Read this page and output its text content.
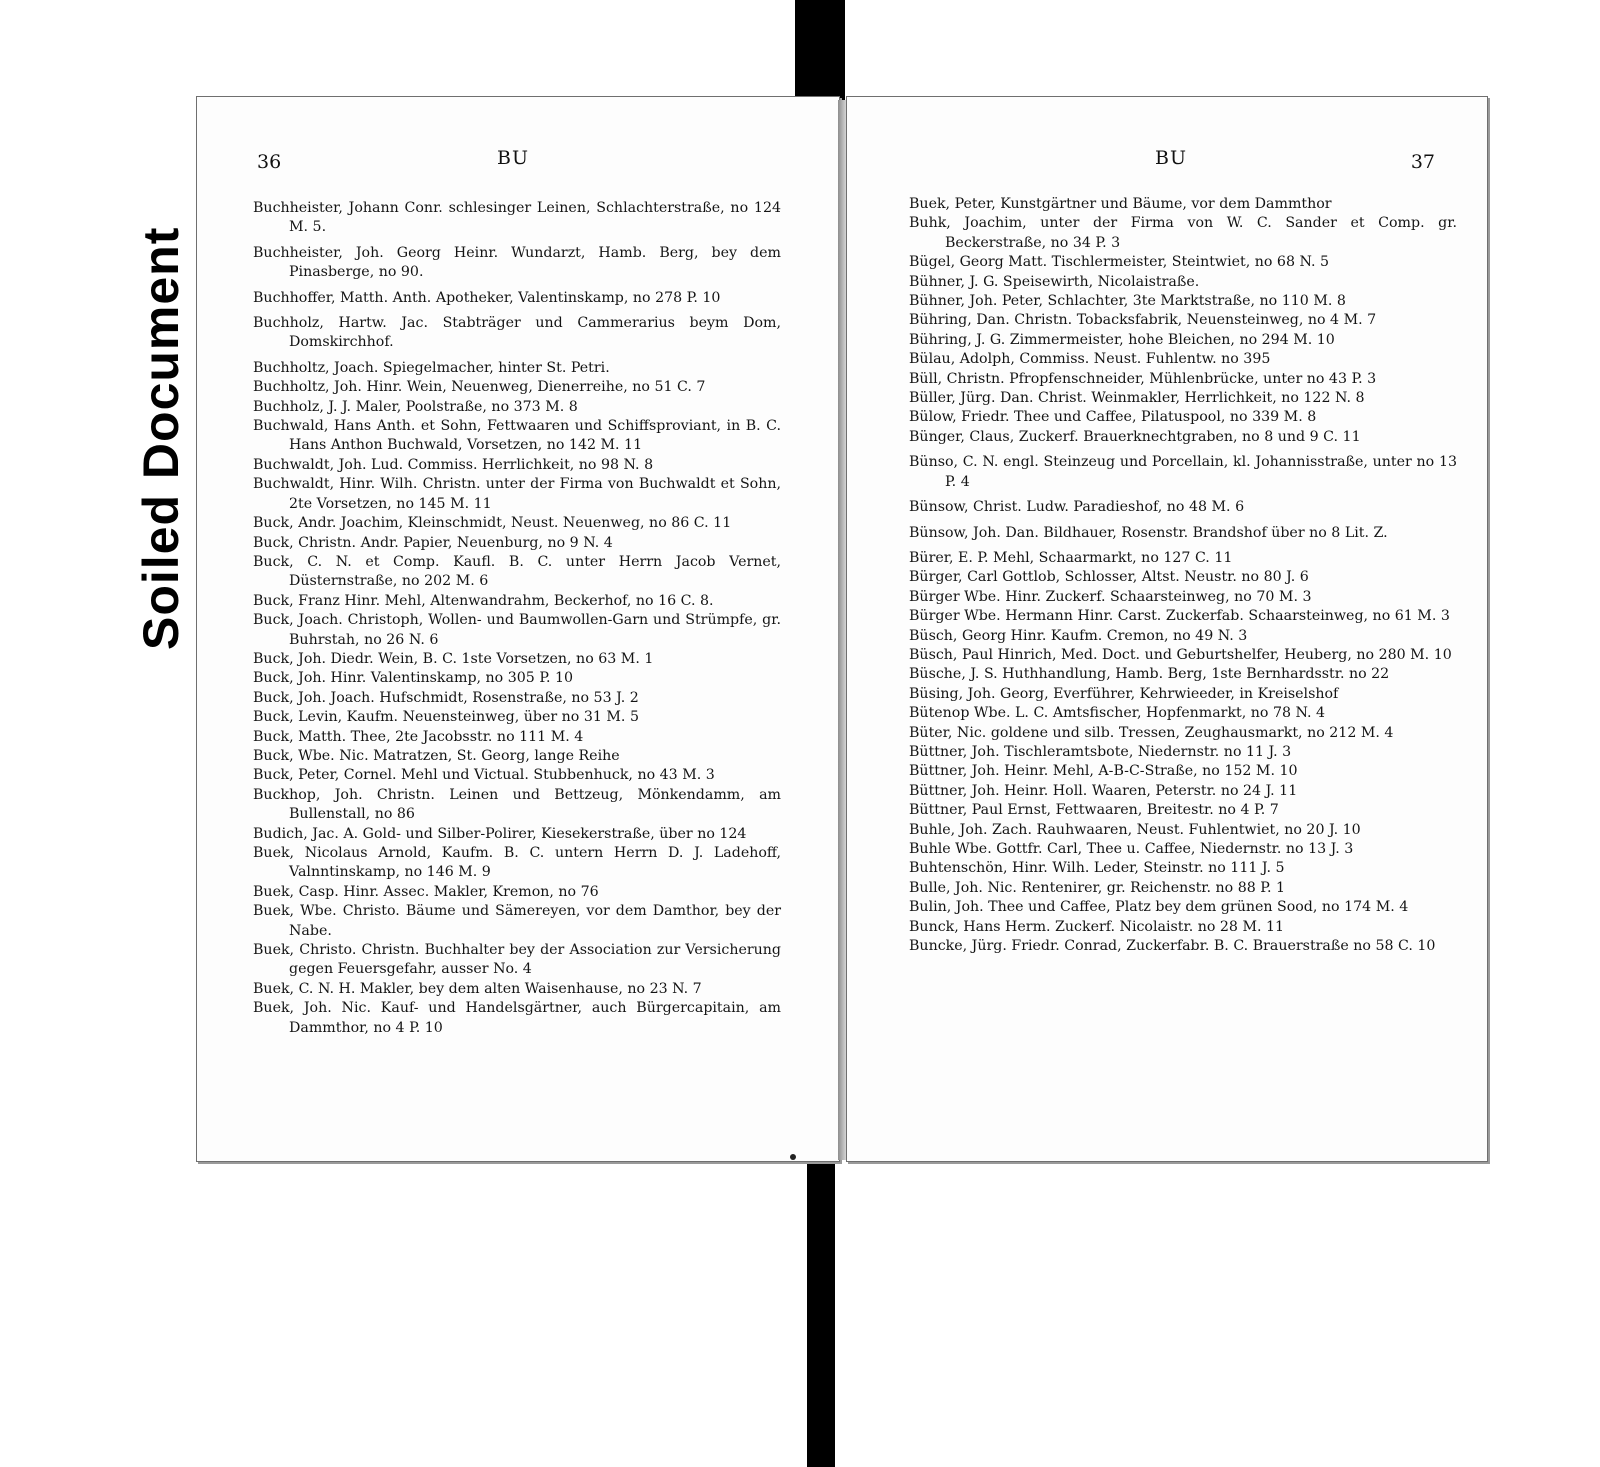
Soiled Document
36	BU

Buchheister, Johann Conr. schlesinger Leinen, Schlachterstraße, no 124 M. 5.

Buchheister, Joh. Georg Heinr. Wundarzt, Hamb. Berg, bey dem Pinasberge, no 90.

Buchhoffer, Matth. Anth. Apotheker, Valentinskamp, no 278 P. 10

Buchholz, Hartw. Jac. Stabträger und Cammerarius beym Dom, Domskirchhof.

Buchholtz, Joach. Spiegelmacher, hinter St. Petri.

Buchholtz, Joh. Hinr. Wein, Neuenweg, Dienerreihe, no 51 C. 7

Buchholz, J. J. Maler, Poolstraße, no 373 M. 8

Buchwald, Hans Anth. et Sohn, Fettwaaren und Schiffsproviant, in B. C. Hans Anthon Buchwald, Vorsetzen, no 142 M. 11

Buchwaldt, Joh. Lud. Commiss. Herrlichkeit, no 98 N. 8

Buchwaldt, Hinr. Wilh. Christn. unter der Firma von Buchwaldt et Sohn, 2te Vorsetzen, no 145 M. 11

Buck, Andr. Joachim, Kleinschmidt, Neust. Neuenweg, no 86 C. 11

Buck, Christn. Andr. Papier, Neuenburg, no 9 N. 4

Buck, C. N. et Comp. Kaufl. B. C. unter Herrn Jacob Vernet, Düsternstraße, no 202 M. 6

Buck, Franz Hinr. Mehl, Altenwandrahm, Beckerhof, no 16 C. 8.

Buck, Joach. Christoph, Wollen- und Baumwollen-Garn und Strümpfe, gr. Buhrstah, no 26 N. 6

Buck, Joh. Diedr. Wein, B. C. 1ste Vorsetzen, no 63 M. 1

Buck, Joh. Hinr. Valentinskamp, no 305 P. 10

Buck, Joh. Joach. Hufschmidt, Rosenstraße, no 53 J. 2

Buck, Levin, Kaufm. Neuensteinweg, über no 31 M. 5

Buck, Matth. Thee, 2te Jacobsstr. no 111 M. 4

Buck, Wbe. Nic. Matratzen, St. Georg, lange Reihe

Buck, Peter, Cornel. Mehl und Victual. Stubbenhuck, no 43 M. 3

Buckhop, Joh. Christn. Leinen und Bettzeug, Mönkendamm, am Bullenstall, no 86

Budich, Jac. A. Gold- und Silber-Polirer, Kiesekerstraße, über no 124

Buek, Nicolaus Arnold, Kaufm. B. C. untern Herrn D. J. Ladehoff, Valnntinskamp, no 146 M. 9

Buek, Casp. Hinr. Assec. Makler, Kremon, no 76

Buek, Wbe. Christo. Bäume und Sämereyen, vor dem Damthor, bey der Nabe.

Buek, Christo. Christn. Buchhalter bey der Association zur Versicherung gegen Feuersgefahr, ausser No. 4

Buek, C. N. H. Makler, bey dem alten Waisenhause, no 23 N. 7

Buek, Joh. Nic. Kauf- und Handelsgärtner, auch Bürgercapitain, am Dammthor, no 4 P. 10

37
BU

Buek, Peter, Kunstgärtner und Bäume, vor dem Dammthor

Buhk, Joachim, unter der Firma von W. C. Sander et Comp. gr. Beckerstraße, no 34 P. 3

Bügel, Georg Matt. Tischlermeister, Steintwiet, no 68 N. 5

Bühner, J. G. Speisewirth, Nicolaistraße.

Bühner, Joh. Peter, Schlachter, 3te Marktstraße, no 110 M. 8

Bühring, Dan. Christn. Tobacksfabrik, Neuensteinweg, no 4 M. 7

Bühring, J. G. Zimmermeister, hohe Bleichen, no 294 M. 10

Bülau, Adolph, Commiss. Neust. Fuhlentw. no 395

Büll, Christn. Pfropfenschneider, Mühlenbrücke, unter no 43 P. 3

Büller, Jürg. Dan. Christ. Weinmakler, Herrlichkeit, no 122 N. 8

Bülow, Friedr. Thee und Caffee, Pilatuspool, no 339 M. 8

Bünger, Claus, Zuckerf. Brauerknechtgraben, no 8 und 9 C. 11

Bünso, C. N. engl. Steinzeug und Porcellain, kl. Johannisstraße, unter no 13 P. 4

Bünsow, Christ. Ludw. Paradieshof, no 48 M. 6

Bünsow, Joh. Dan. Bildhauer, Rosenstr. Brandshof über no 8 Lit. Z.

Bürer, E. P. Mehl, Schaarmarkt, no 127 C. 11

Bürger, Carl Gottlob, Schlosser, Altst. Neustr. no 80 J. 6

Bürger Wbe. Hinr. Zuckerf. Schaarsteinweg, no 70 M. 3

Bürger Wbe. Hermann Hinr. Carst. Zuckerfab. Schaarsteinweg, no 61 M. 3

Büsch, Georg Hinr. Kaufm. Cremon, no 49 N. 3

Büsch, Paul Hinrich, Med. Doct. und Geburtshelfer, Heuberg, no 280 M. 10

Büsche, J. S. Huthhandlung, Hamb. Berg, 1ste Bernhardsstr. no 22

Büsing, Joh. Georg, Everführer, Kehrwieeder, in Kreiselshof

Bütenop Wbe. L. C. Amtsfischer, Hopfenmarkt, no 78 N. 4

Büter, Nic. goldene und silb. Tressen, Zeughausmarkt, no 212 M. 4

Büttner, Joh. Tischleramtsbote, Niedernstr. no 11 J. 3

Büttner, Joh. Heinr. Mehl, A-B-C-Straße, no 152 M. 10

Büttner, Joh. Heinr. Holl. Waaren, Peterstr. no 24 J. 11

Büttner, Paul Ernst, Fettwaaren, Breitestr. no 4 P. 7

Buhle, Joh. Zach. Rauhwaaren, Neust. Fuhlentwiet, no 20 J. 10

Buhle Wbe. Gottfr. Carl, Thee u. Caffee, Niedernstr. no 13 J. 3

Buhtenschön, Hinr. Wilh. Leder, Steinstr. no 111 J. 5

Bulle, Joh. Nic. Rentenirer, gr. Reichenstr. no 88 P. 1

Bulin, Joh. Thee und Caffee, Platz bey dem grünen Sood, no 174 M. 4

Bunck, Hans Herm. Zuckerf. Nicolaistr. no 28 M. 11

Buncke, Jürg. Friedr. Conrad, Zuckerfabr. B. C. Brauerstraße no 58 C. 10
